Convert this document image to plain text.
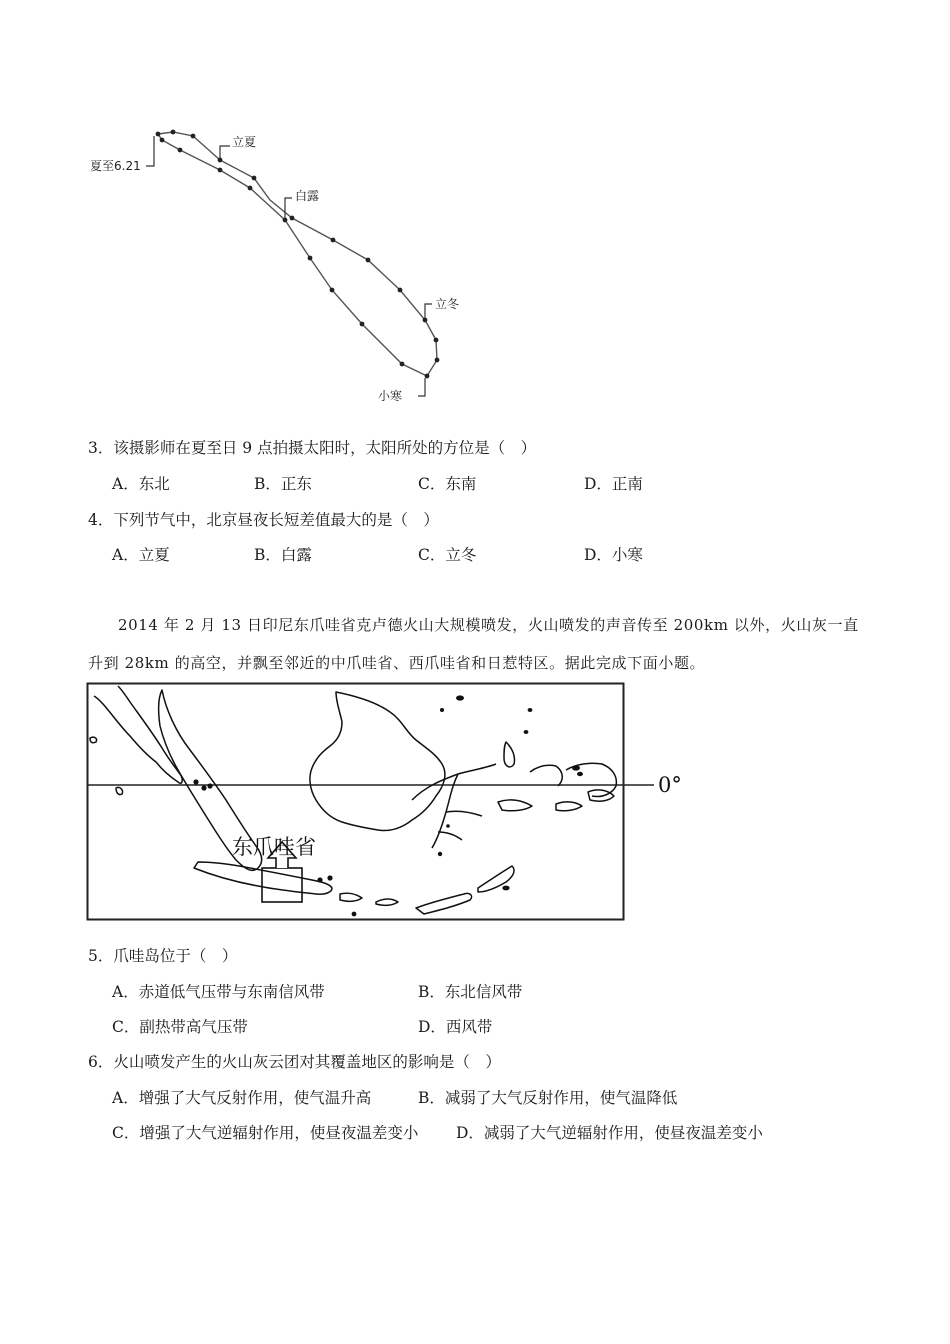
夏至6.21
立夏
白露
立冬
小寒
3．该摄影师在夏至日 9 点拍摄太阳时，太阳所处的方位是（　）
A．东北	B．正东	C．东南	D．正南
4．下列节气中，北京昼夜长短差值最大的是（　）
A．立夏	B．白露	C．立冬	D．小寒
2014 年 2 月 13 日印尼东爪哇省克卢德火山大规模喷发，火山喷发的声音传至 200km 以外，火山灰一直
升到 28km 的高空，并飘至邻近的中爪哇省、西爪哇省和日惹特区。据此完成下面小题。
东爪哇省
0°
5．爪哇岛位于（　）
A．赤道低气压带与东南信风带	B．东北信风带
C．副热带高气压带	D．西风带
6．火山喷发产生的火山灰云团对其覆盖地区的影响是（　）
A．增强了大气反射作用，使气温升高	B．减弱了大气反射作用，使气温降低
C．增强了大气逆辐射作用，使昼夜温差变小 D．减弱了大气逆辐射作用，使昼夜温差变小
